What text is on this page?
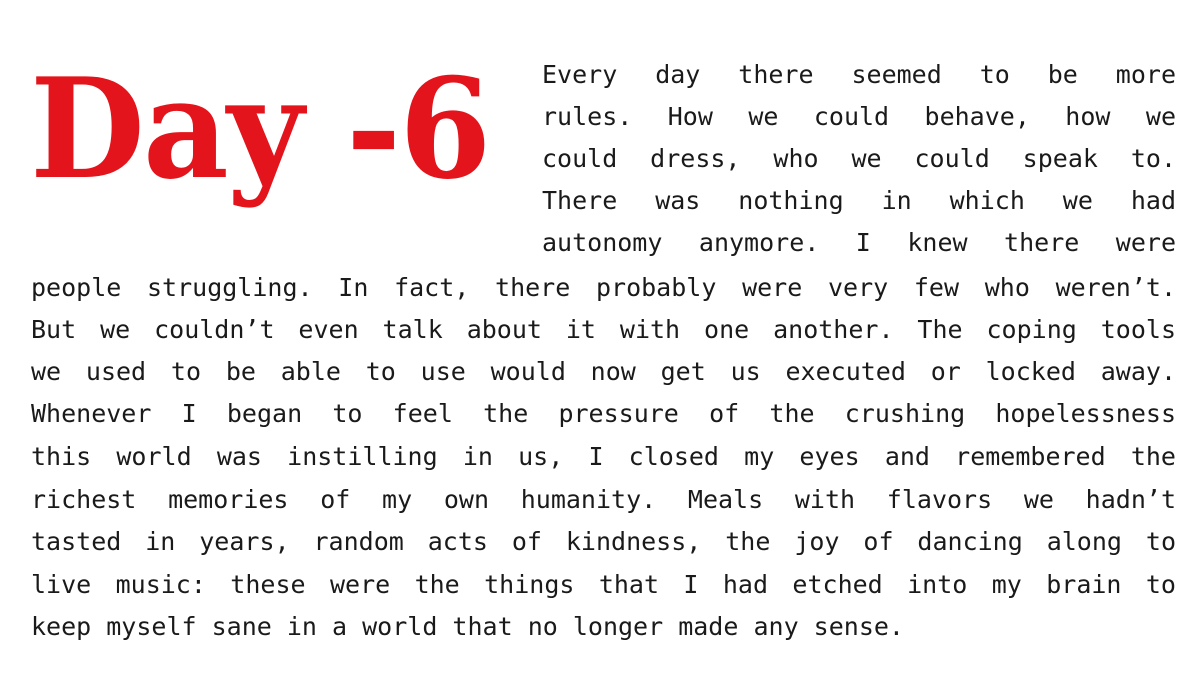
Day -6 Every day there seemed to be more
rules. How we could behave, how we
could dress, who we could speak to.
There was nothing in which we had
autonomy anymore. I knew there were
people struggling. In fact, there probably were very few who weren’t.
But we couldn’t even talk about it with one another. The coping tools
we used to be able to use would now get us executed or locked away.
Whenever I began to feel the pressure of the crushing hopelessness
this world was instilling in us, I closed my eyes and remembered the
richest memories of my own humanity. Meals with flavors we hadn’t
tasted in years, random acts of kindness, the joy of dancing along to
live music: these were the things that I had etched into my brain to
keep myself sane in a world that no longer made any sense.
